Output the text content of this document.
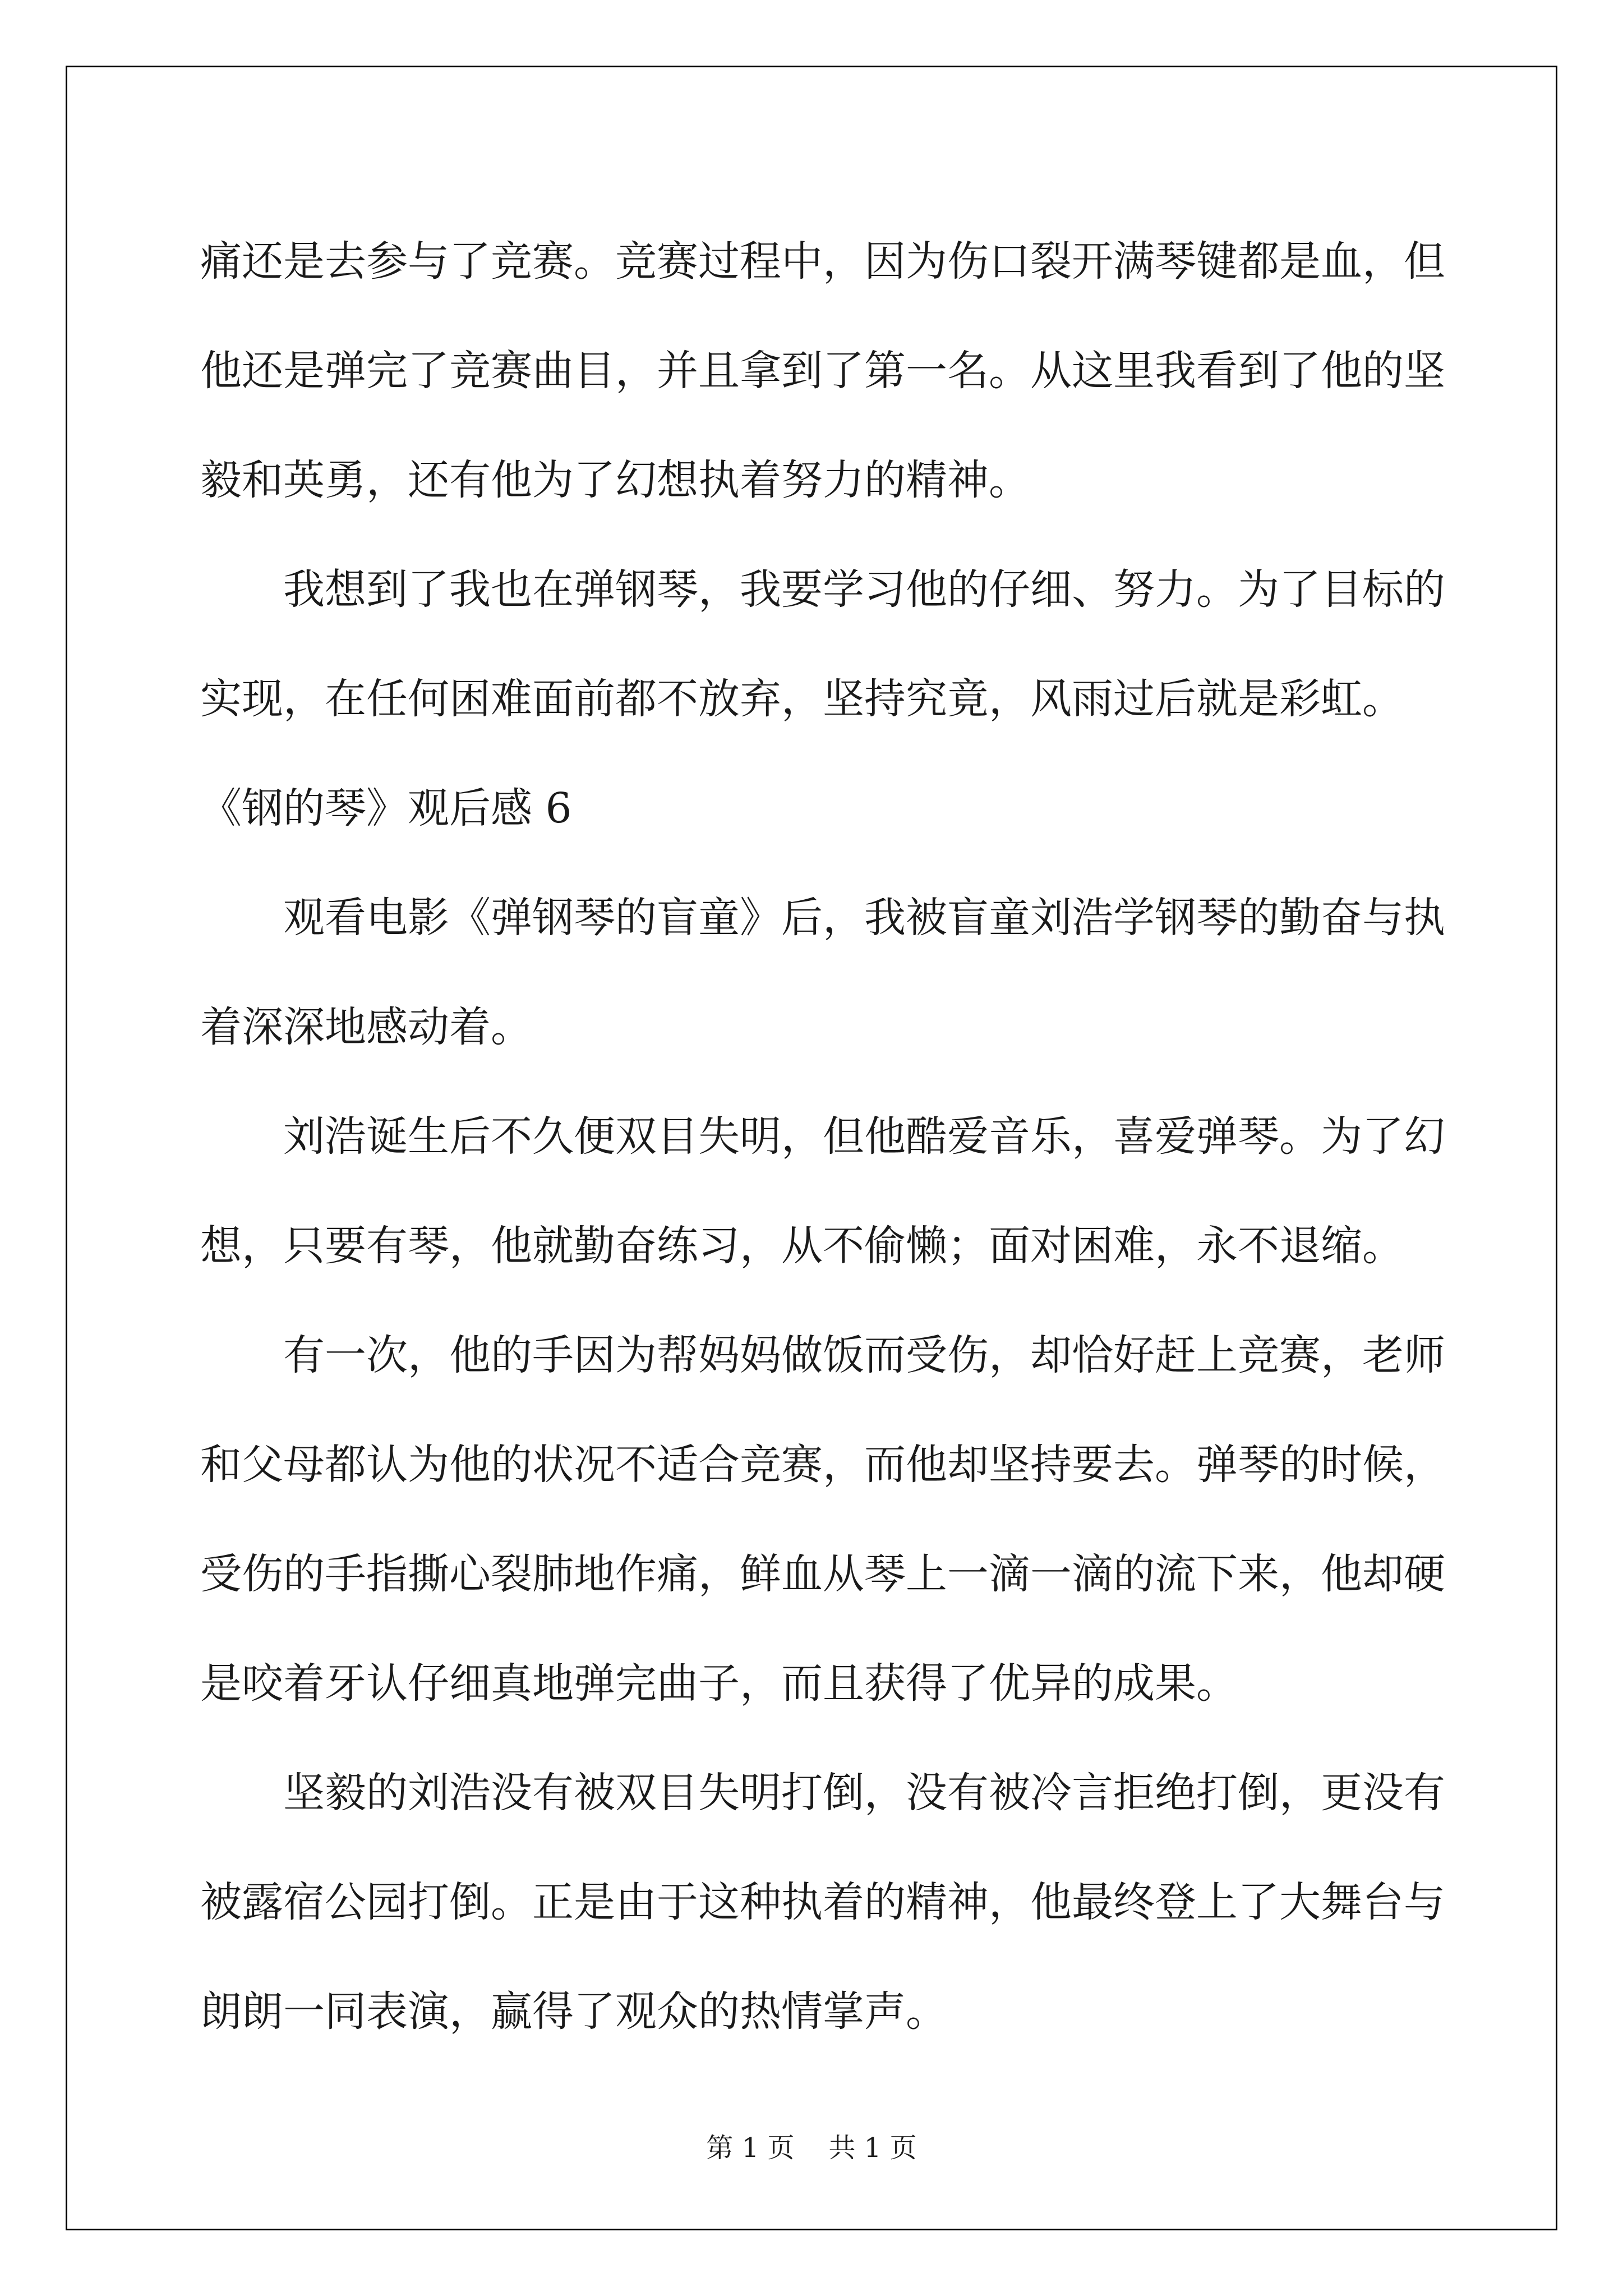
痛 还 是 去 参 与 了 竞 赛 。 竞 赛 过 程 中 ， 因 为 伤 口 裂 开 满 琴 键 都 是 血 ， 但
他 还 是 弹 完 了 竞 赛 曲 目 ， 并 且 拿 到 了 第 一 名 。 从 这 里 我 看 到 了 他 的 坚
毅和英勇，还有他为了幻想执着努力的精神。
我想到了我也在弹钢琴，我要学习他的仔细、努力。为了目标的
实现，在任何困难面前都不放弃，坚持究竟，风雨过后就是彩虹。
《钢的琴》观后感 6
观看电影《弹钢琴的盲童》后，我被盲童刘浩学钢琴的勤奋与执
着深深地感动着。
刘浩诞生后不久便双目失明，但他酷爱音乐，喜爱弹琴。为了幻
想，只要有琴，他就勤奋练习，从不偷懒；面对困难，永不退缩。
有一次，他的手因为帮妈妈做饭而受伤，却恰好赶上竞赛，老师
和 父 母 都 认 为 他 的 状 况 不 适 合 竞 赛 ， 而 他 却 坚 持 要 去 。 弹 琴 的 时 候 ，
受 伤 的 手 指 撕 心 裂 肺 地 作 痛 ， 鲜 血 从 琴 上 一 滴 一 滴 的 流 下 来 ， 他 却 硬
是咬着牙认仔细真地弹完曲子，而且获得了优异的成果。
坚毅的刘浩没有被双目失明打倒，没有被冷言拒绝打倒，更没有
被 露 宿 公 园 打 倒 。 正 是 由 于 这 种 执 着 的 精 神 ， 他 最 终 登 上 了 大 舞 台 与
朗朗一同表演，赢得了观众的热情掌声。
第 1 页    共 1 页
